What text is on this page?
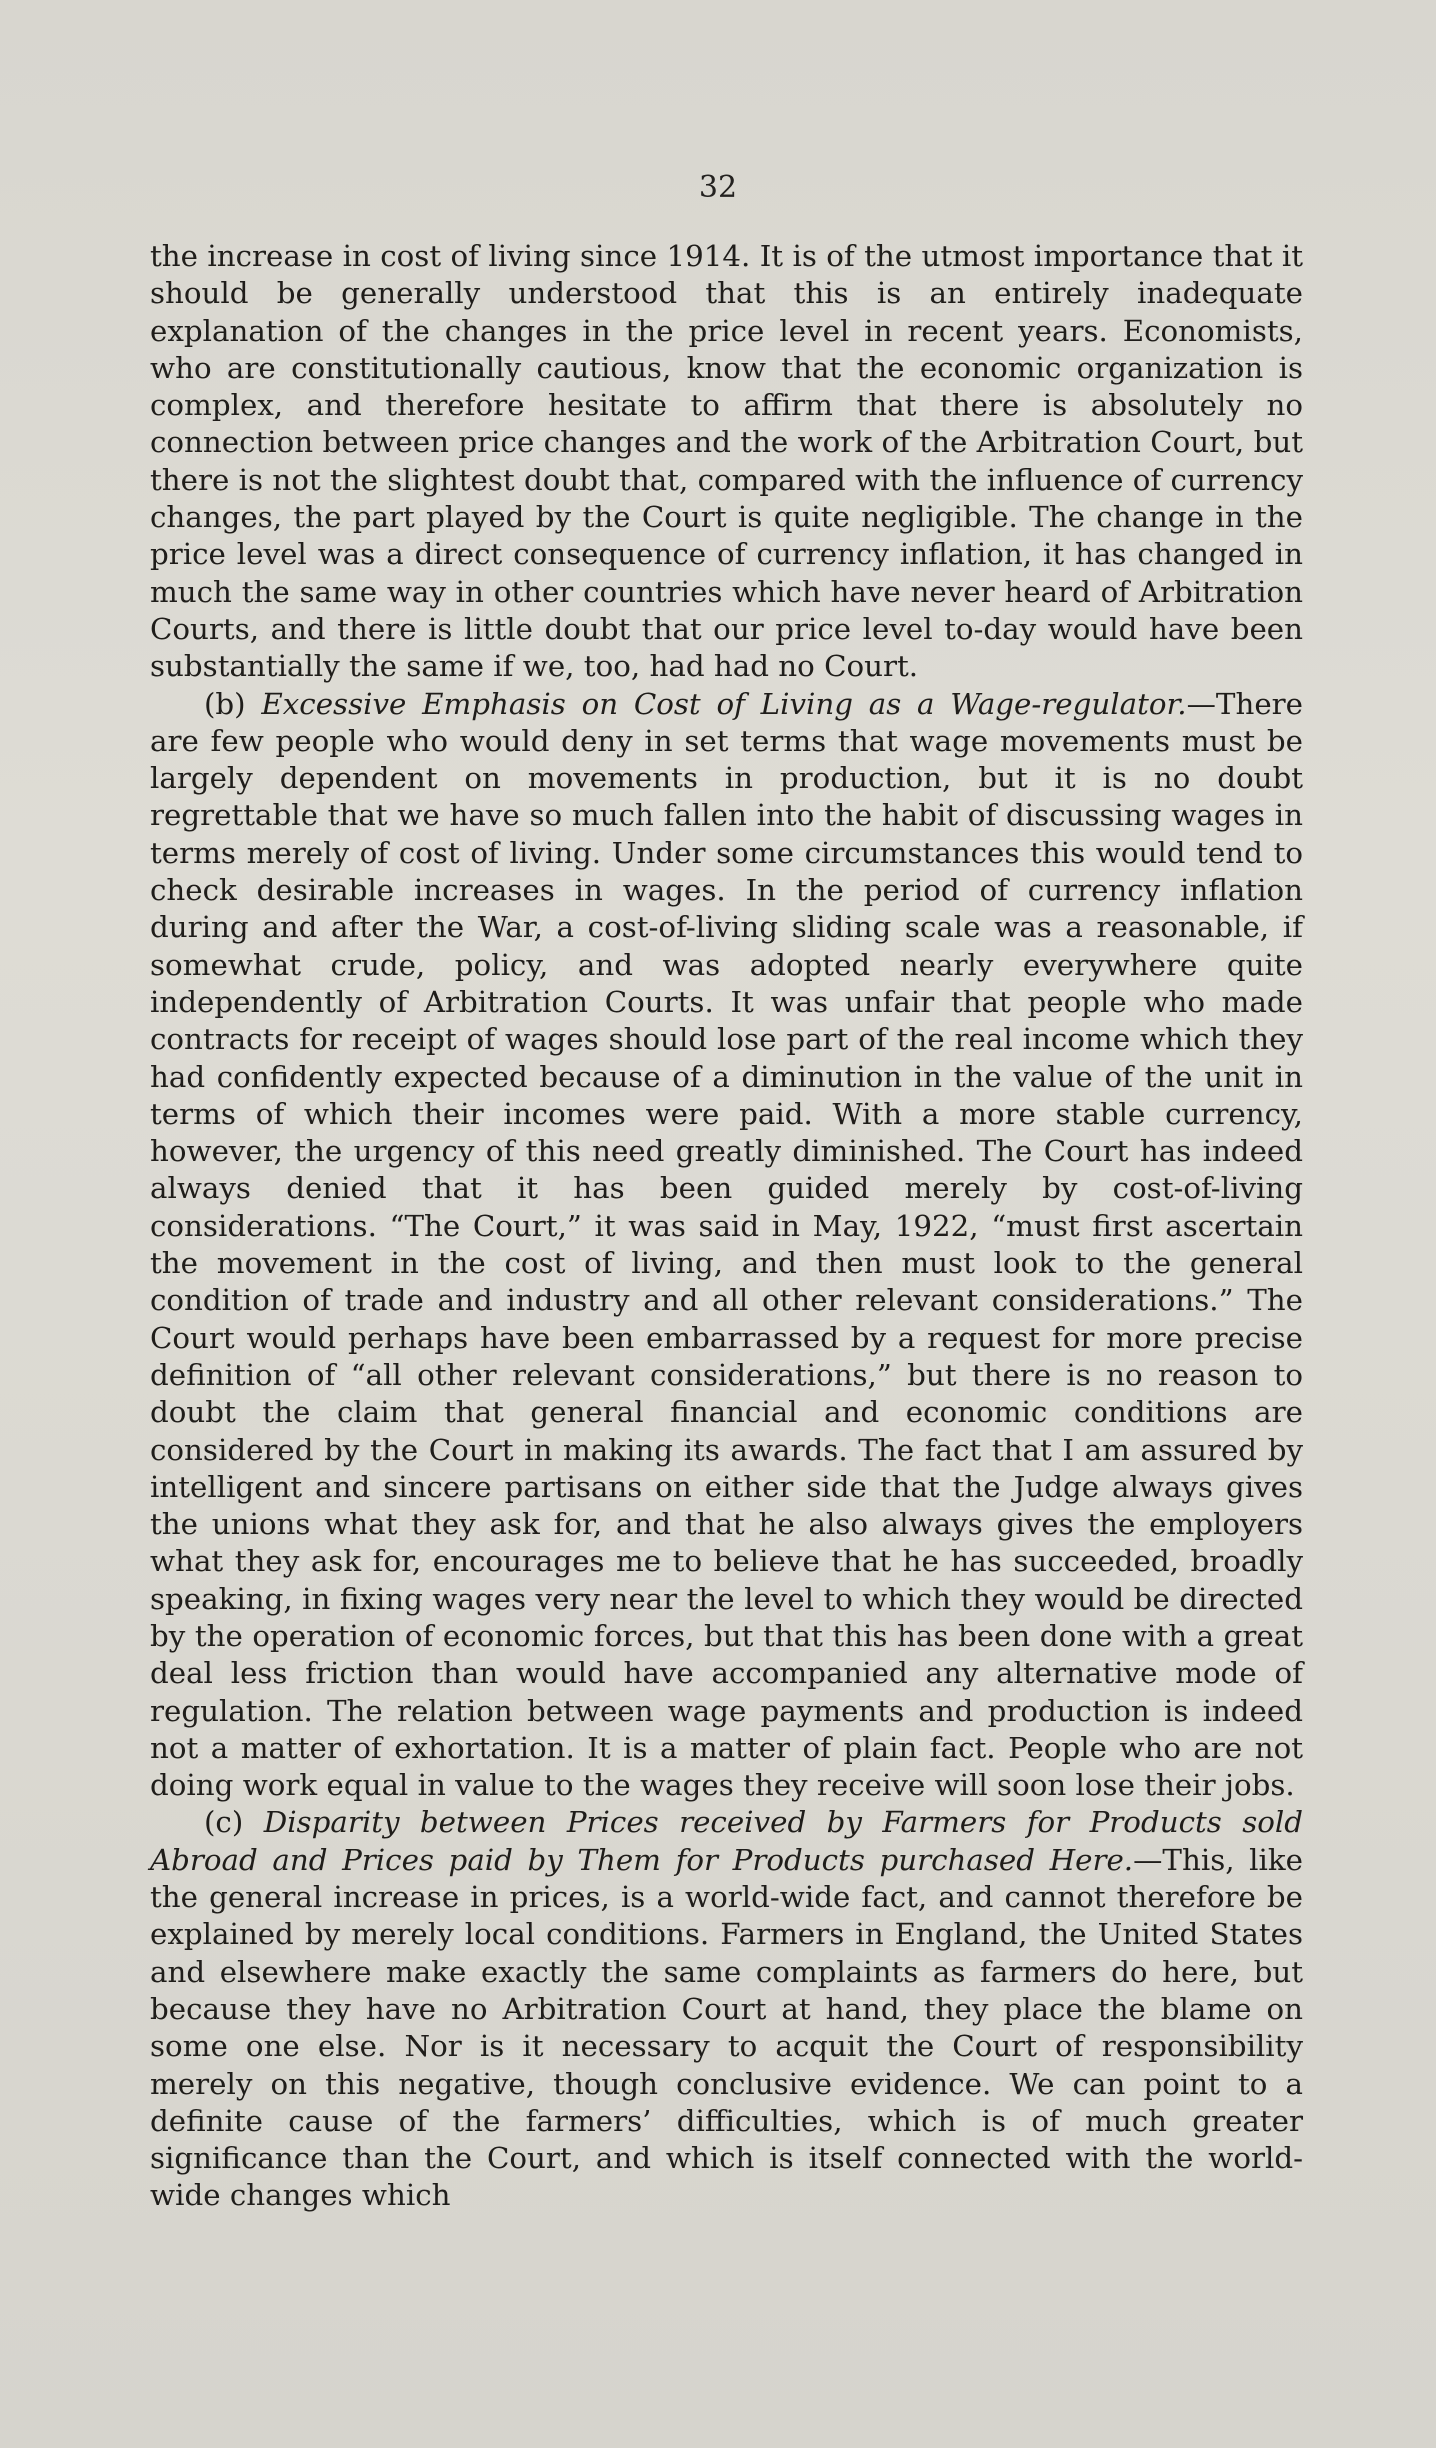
32

the increase in cost of living since 1914. It is of the utmost importance that it should be generally understood that this is an entirely inadequate explanation of the changes in the price level in recent years. Economists, who are constitutionally cautious, know that the economic organization is complex, and therefore hesitate to affirm that there is absolutely no connection between price changes and the work of the Arbitration Court, but there is not the slightest doubt that, compared with the influence of currency changes, the part played by the Court is quite negligible. The change in the price level was a direct consequence of currency inflation, it has changed in much the same way in other countries which have never heard of Arbitration Courts, and there is little doubt that our price level to-day would have been substantially the same if we, too, had had no Court.

(b) Excessive Emphasis on Cost of Living as a Wage-regulator.—There are few people who would deny in set terms that wage movements must be largely dependent on movements in production, but it is no doubt regrettable that we have so much fallen into the habit of discussing wages in terms merely of cost of living. Under some circumstances this would tend to check desirable increases in wages. In the period of currency inflation during and after the War, a cost-of-living sliding scale was a reasonable, if somewhat crude, policy, and was adopted nearly everywhere quite independently of Arbitration Courts. It was unfair that people who made contracts for receipt of wages should lose part of the real income which they had confidently expected because of a diminution in the value of the unit in terms of which their incomes were paid. With a more stable currency, however, the urgency of this need greatly diminished. The Court has indeed always denied that it has been guided merely by cost-of-living considerations. “The Court,” it was said in May, 1922, “must first ascertain the movement in the cost of living, and then must look to the general condition of trade and industry and all other relevant considerations.” The Court would perhaps have been embarrassed by a request for more precise definition of “all other relevant considerations,” but there is no reason to doubt the claim that general financial and economic conditions are considered by the Court in making its awards. The fact that I am assured by intelligent and sincere partisans on either side that the Judge always gives the unions what they ask for, and that he also always gives the employers what they ask for, encourages me to believe that he has succeeded, broadly speaking, in fixing wages very near the level to which they would be directed by the operation of economic forces, but that this has been done with a great deal less friction than would have accompanied any alternative mode of regulation. The relation between wage payments and production is indeed not a matter of exhortation. It is a matter of plain fact. People who are not doing work equal in value to the wages they receive will soon lose their jobs.

(c) Disparity between Prices received by Farmers for Products sold Abroad and Prices paid by Them for Products purchased Here.—This, like the general increase in prices, is a world-wide fact, and cannot therefore be explained by merely local conditions. Farmers in England, the United States and elsewhere make exactly the same complaints as farmers do here, but because they have no Arbitration Court at hand, they place the blame on some one else. Nor is it necessary to acquit the Court of responsibility merely on this negative, though conclusive evidence. We can point to a definite cause of the farmers’ difficulties, which is of much greater significance than the Court, and which is itself connected with the world-wide changes which
